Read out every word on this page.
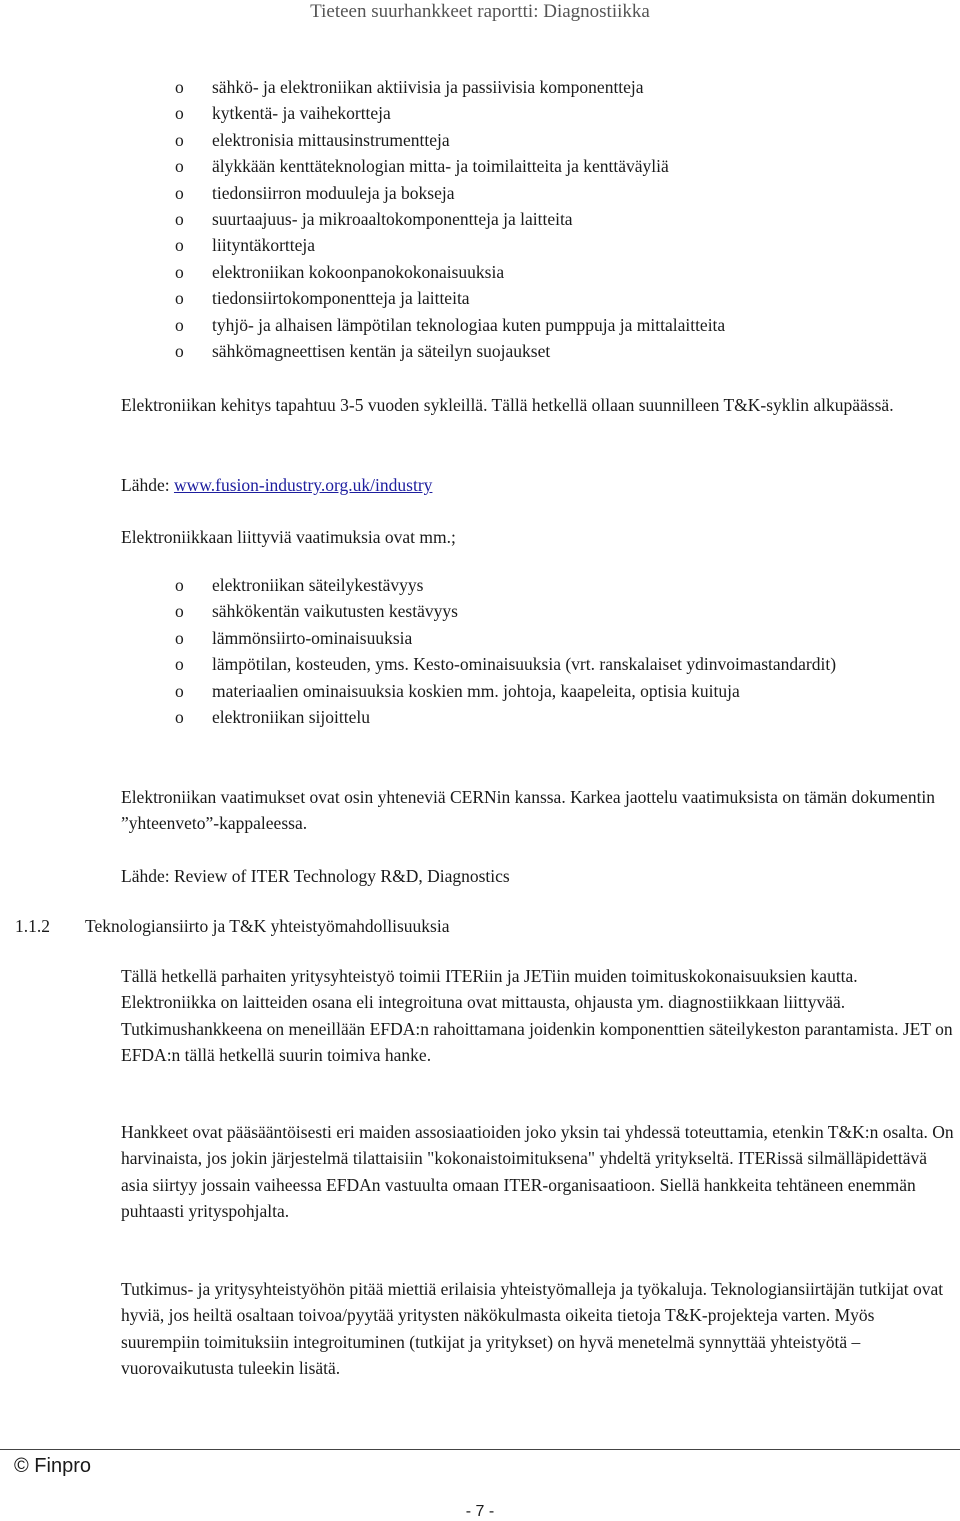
Tieteen suurhankkeet raportti: Diagnostiikka
o sähkö- ja elektroniikan aktiivisia ja passiivisia komponentteja
o kytkentä- ja vaihekortteja
o elektronisia mittausinstrumentteja
o älykkään kenttäteknologian mitta- ja toimilaitteita ja kenttäväyliä
o tiedonsiirron moduuleja ja bokseja
o suurtaajuus- ja mikroaaltokomponentteja ja laitteita
o liityntäkortteja
o elektroniikan kokoonpanokokonaisuuksia
o tiedonsiirtokomponentteja ja laitteita
o tyhjö- ja alhaisen lämpötilan teknologiaa kuten pumppuja ja mittalaitteita
o sähkömagneettisen kentän ja säteilyn suojaukset

Elektroniikan kehitys tapahtuu 3-5 vuoden sykleillä. Tällä hetkellä ollaan suunnilleen T&K-syklin alkupäässä.

Lähde: www.fusion-industry.org.uk/industry

Elektroniikkaan liittyviä vaatimuksia ovat mm.;

o elektroniikan säteilykestävyys
o sähkökentän vaikutusten kestävyys
o lämmönsiirto-ominaisuuksia
o lämpötilan, kosteuden, yms. Kesto-ominaisuuksia (vrt. ranskalaiset ydinvoimastandardit)
o materiaalien ominaisuuksia koskien mm. johtoja, kaapeleita, optisia kuituja
o elektroniikan sijoittelu

Elektroniikan vaatimukset ovat osin yhteneviä CERNin kanssa. Karkea jaottelu vaatimuksista on tämän dokumentin ”yhteenveto”-kappaleessa.

Lähde: Review of ITER Technology R&D, Diagnostics

1.1.2 Teknologiansiirto ja T&K yhteistyömahdollisuuksia

Tällä hetkellä parhaiten yritysyhteistyö toimii ITERiin ja JETiin muiden toimituskokonaisuuksien kautta. Elektroniikka on laitteiden osana eli integroituna ovat mittausta, ohjausta ym. diagnostiikkaan liittyvää. Tutkimushankkeena on meneillään EFDA:n rahoittamana joidenkin komponenttien säteilykeston parantamista. JET on EFDA:n tällä hetkellä suurin toimiva hanke.

Hankkeet ovat pääsääntöisesti eri maiden assosiaatioiden joko yksin tai yhdessä toteuttamia, etenkin T&K:n osalta. On harvinaista, jos jokin järjestelmä tilattaisiin "kokonaistoimituksena" yhdeltä yritykseltä. ITERissä silmälläpidettävä asia siirtyy jossain vaiheessa EFDAn vastuulta omaan ITER-organisaatioon. Siellä hankkeita tehtäneen enemmän puhtaasti yrityspohjalta.

Tutkimus- ja yritysyhteistyöhön pitää miettiä erilaisia yhteistyömalleja ja työkaluja. Teknologiansiirtäjän tutkijat ovat hyviä, jos heiltä osaltaan toivoa/pyytää yritysten näkökulmasta oikeita tietoja T&K-projekteja varten. Myös suurempiin toimituksiin integroituminen (tutkijat ja yritykset) on hyvä menetelmä synnyttää yhteistyötä – vuorovaikutusta tuleekin lisätä.

© Finpro
- 7 -
